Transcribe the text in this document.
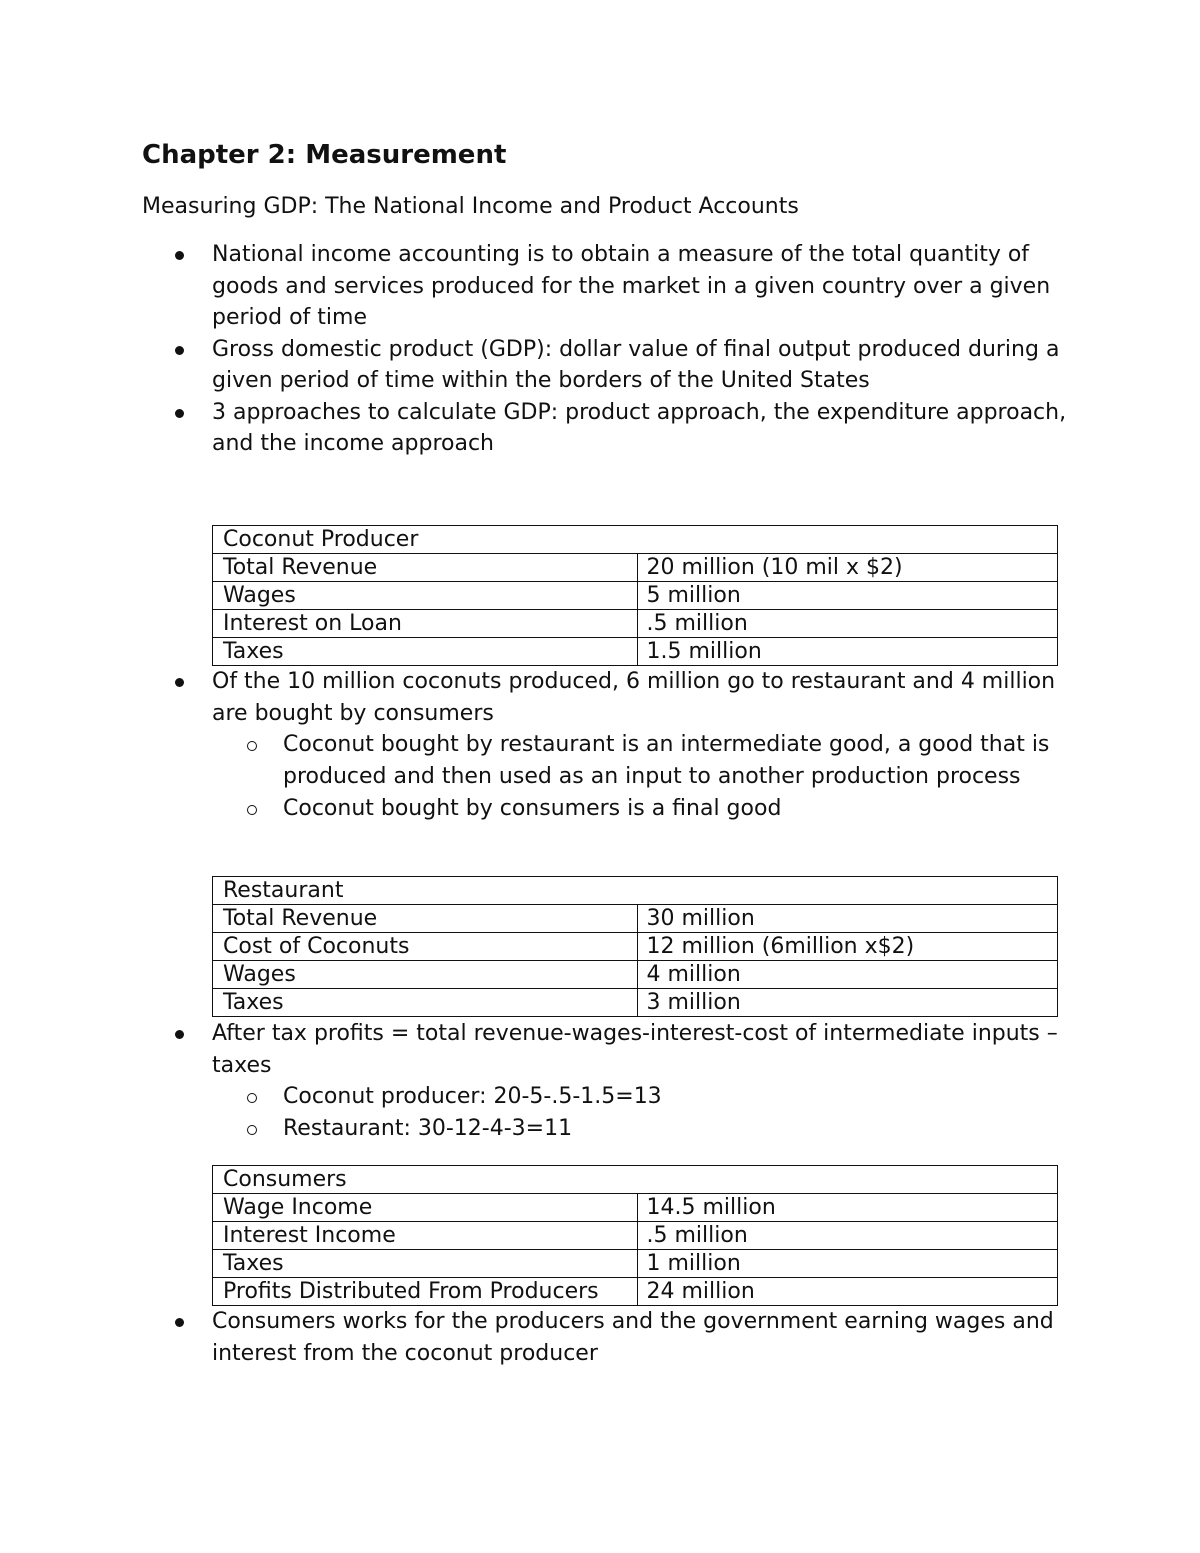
Chapter 2: Measurement

Measuring GDP: The National Income and Product Accounts

National income accounting is to obtain a measure of the total quantity of goods and services produced for the market in a given country over a given period of time
Gross domestic product (GDP): dollar value of final output produced during a given period of time within the borders of the United States
3 approaches to calculate GDP: product approach, the expenditure approach, and the income approach
Coconut Producer	
Total Revenue	20 million (10 mil x $2)
Wages	5 million
Interest on Loan	.5 million
Taxes	1.5 million
Of the 10 million coconuts produced, 6 million go to restaurant and 4 million are bought by consumers
Coconut bought by restaurant is an intermediate good, a good that is produced and then used as an input to another production process
Coconut bought by consumers is a final good
Restaurant	
Total Revenue	30 million
Cost of Coconuts	12 million (6million x$2)
Wages	4 million
Taxes	3 million
After tax profits = total revenue-wages-interest-cost of intermediate inputs – taxes
Coconut producer: 20-5-.5-1.5=13
Restaurant: 30-12-4-3=11
Consumers	
Wage Income	14.5 million
Interest Income	.5 million
Taxes	1 million
Profits Distributed From Producers	24 million
Consumers works for the producers and the government earning wages and interest from the coconut producer
